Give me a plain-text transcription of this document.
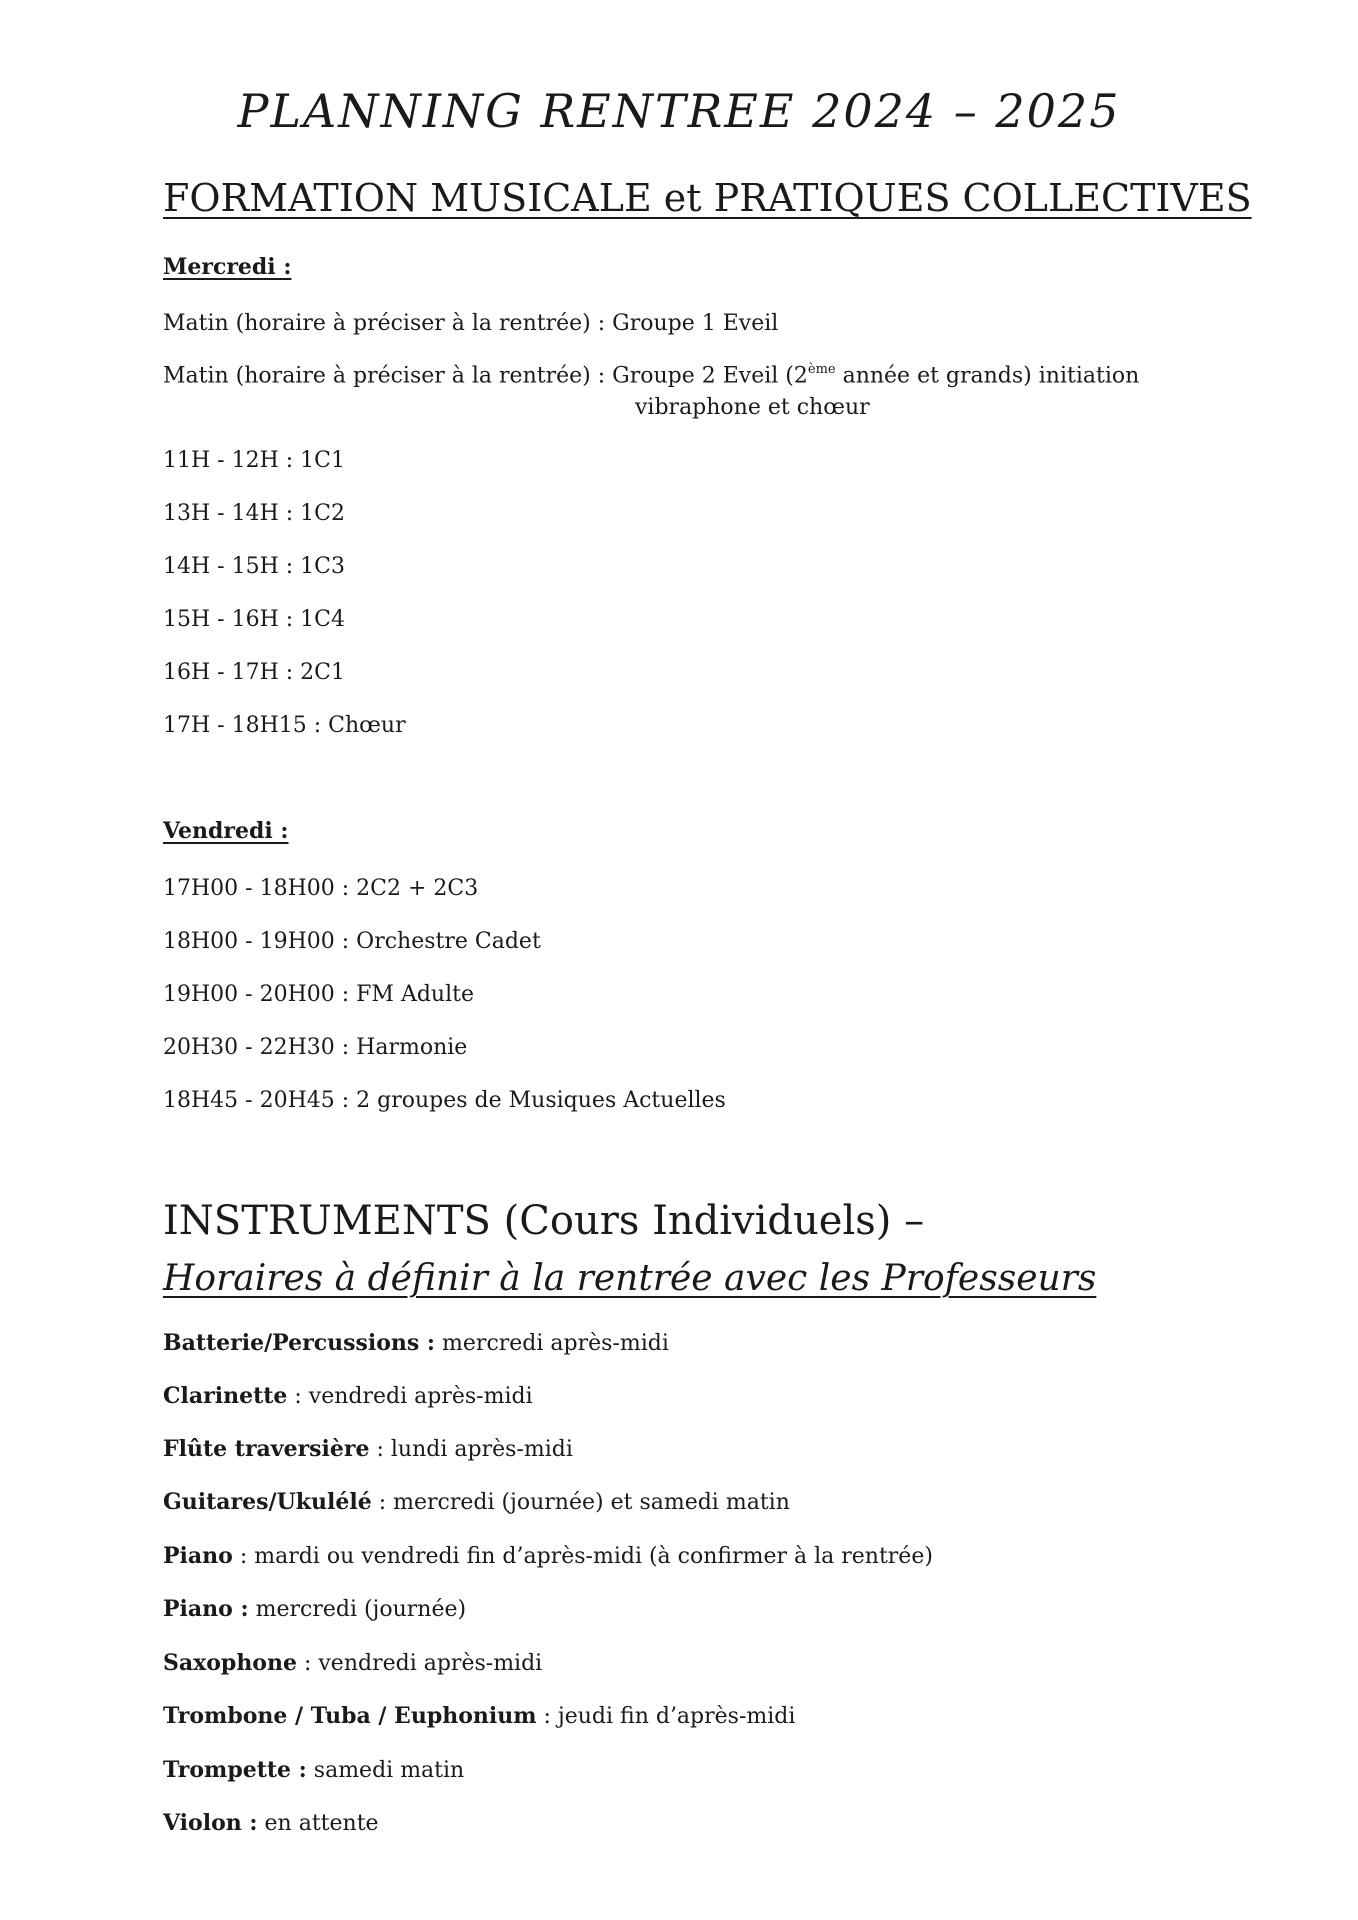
PLANNING RENTREE 2024 – 2025
FORMATION MUSICALE et PRATIQUES COLLECTIVES
Mercredi :
Matin (horaire à préciser à la rentrée) : Groupe 1 Eveil
Matin (horaire à préciser à la rentrée) : Groupe 2 Eveil (2ème année et grands) initiation
vibraphone et chœur
11H - 12H : 1C1
13H - 14H : 1C2
14H - 15H : 1C3
15H - 16H : 1C4
16H - 17H : 2C1
17H - 18H15 : Chœur
Vendredi :
17H00 - 18H00 : 2C2 + 2C3
18H00 - 19H00 : Orchestre Cadet
19H00 - 20H00 : FM Adulte
20H30 - 22H30 : Harmonie
18H45 - 20H45 : 2 groupes de Musiques Actuelles
INSTRUMENTS (Cours Individuels) –
Horaires à définir à la rentrée avec les Professeurs
Batterie/Percussions : mercredi après-midi
Clarinette : vendredi après-midi
Flûte traversière : lundi après-midi
Guitares/Ukulélé : mercredi (journée) et samedi matin
Piano : mardi ou vendredi fin d’après-midi (à confirmer à la rentrée)
Piano : mercredi (journée)
Saxophone : vendredi après-midi
Trombone / Tuba / Euphonium : jeudi fin d’après-midi
Trompette : samedi matin
Violon : en attente
